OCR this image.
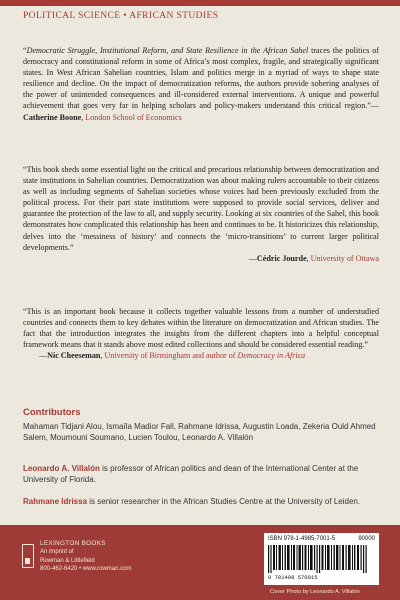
POLITICAL SCIENCE • AFRICAN STUDIES
“Democratic Struggle, Institutional Reform, and State Resilience in the African Sahel traces the politics of democracy and constitutional reform in some of Africa’s most complex, fragile, and strategically significant states. In West African Sahelian countries, Islam and politics merge in a myriad of ways to shape state resilience and decline. On the impact of democratization reforms, the authors provide sobering analyses of the power of unintended consequences and ill-considered external interventions. A unique and powerful achievement that goes very far in helping scholars and policy-makers understand this critical region.”—Catherine Boone, London School of Economics
“This book sheds some essential light on the critical and precarious relationship between democratization and state institutions in Sahelian countries. Democratization was about making rulers accountable to their citizens as well as including segments of Sahelian societies whose voices had been previously excluded from the political process. For their part state institutions were supposed to provide social services, deliver and guarantee the protection of the law to all, and supply security. Looking at six countries of the Sahel, this book demonstrates how complicated this relationship has been and continues to be. It historicizes this relationship, delves into the ‘messiness of history’ and connects the ‘micro-transitions’ to current larger political developments.”
—Cédric Jourde, University of Ottawa
“This is an important book because it collects together valuable lessons from a number of understudied countries and connects them to key debates within the literature on democratization and African studies. The fact that the introduction integrates the insights from the different chapters into a helpful conceptual framework means that it stands above most edited collections and should be considered essential reading.”
—Nic Cheeseman, University of Birmingham and author of Democracy in Africa
Contributors
Mahaman Tidjani Alou, Ismaïla Madior Fall, Rahmane Idrissa, Augustin Loada, Zekeria Ould Ahmed Salem, Moumouni Soumano, Lucien Toulou, Leonardo A. Villalón
Leonardo A. Villalón is professor of African politics and dean of the International Center at the University of Florida.
Rahmane Idrissa is senior researcher in the African Studies Centre at the University of Leiden.
LEXINGTON BOOKS
An imprint of
Rowman & Littlefield
800-462-6420 • www.rowman.com
ISBN 978-1-4985-7001-5	90000
9 781498 570015
Cover Photo by Leonardo A. Villalón
